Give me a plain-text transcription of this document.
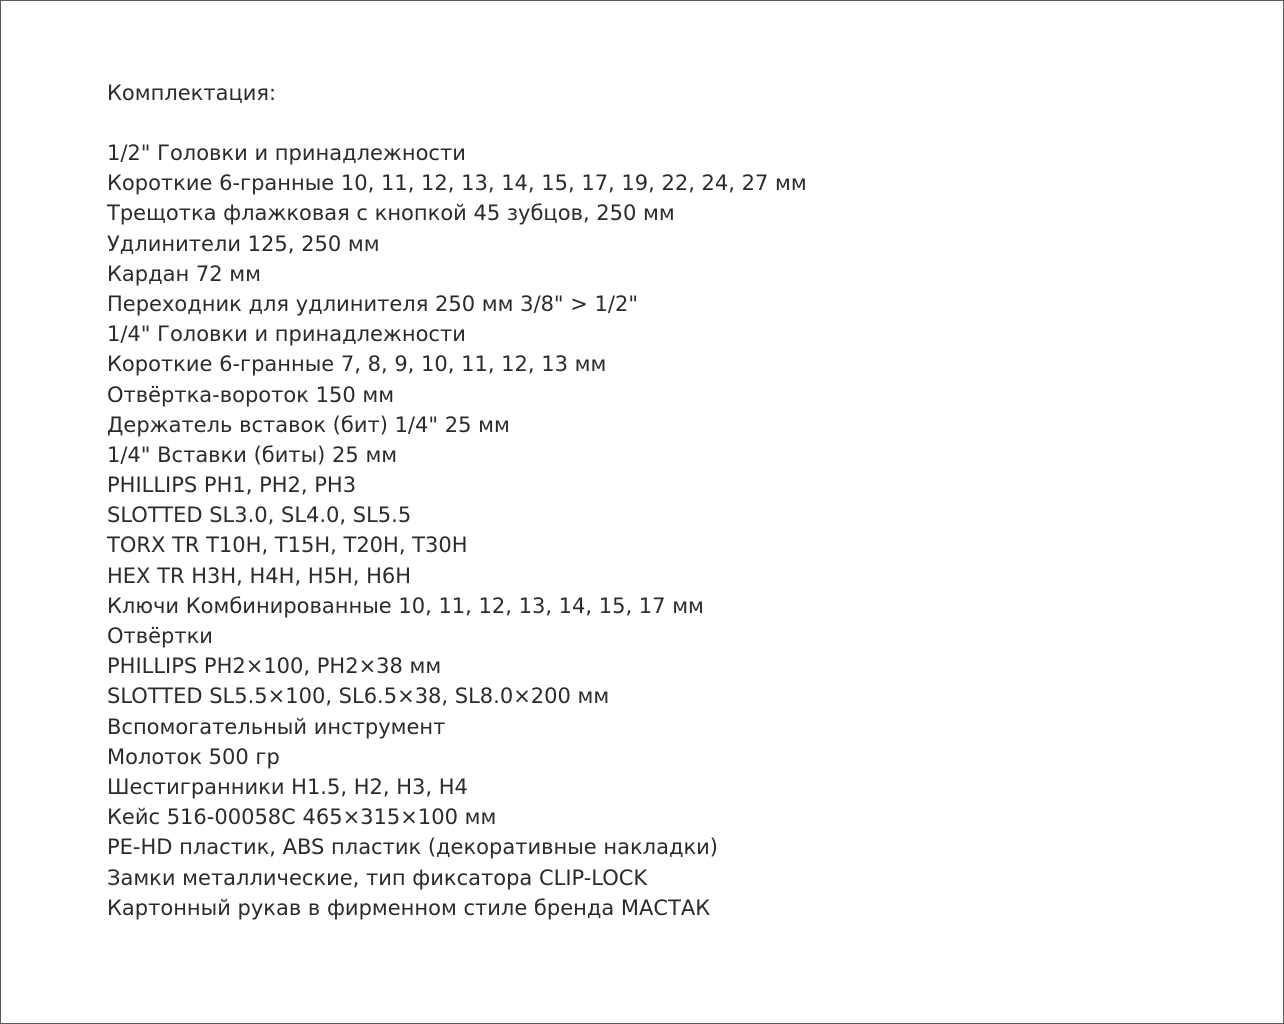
Комплектация:
1/2" Головки и принадлежности
Короткие 6-гранные 10, 11, 12, 13, 14, 15, 17, 19, 22, 24, 27 мм
Трещотка флажковая с кнопкой 45 зубцов, 250 мм
Удлинители 125, 250 мм
Кардан 72 мм
Переходник для удлинителя 250 мм 3/8" > 1/2"
1/4" Головки и принадлежности
Короткие 6-гранные 7, 8, 9, 10, 11, 12, 13 мм
Отвёртка-вороток 150 мм
Держатель вставок (бит) 1/4" 25 мм
1/4" Вставки (биты) 25 мм
PHILLIPS PH1, PH2, PH3
SLOTTED SL3.0, SL4.0, SL5.5
TORX TR T10H, T15H, T20H, T30H
HEX TR H3H, H4H, H5H, H6H
Ключи Комбинированные 10, 11, 12, 13, 14, 15, 17 мм
Отвёртки
PHILLIPS PH2×100, PH2×38 мм
SLOTTED SL5.5×100, SL6.5×38, SL8.0×200 мм
Вспомогательный инструмент
Молоток 500 гр
Шестигранники H1.5, H2, H3, H4
Кейс 516-00058C 465×315×100 мм
PE-HD пластик, ABS пластик (декоративные накладки)
Замки металлические, тип фиксатора CLIP-LOCK
Картонный рукав в фирменном стиле бренда МАСТАК
